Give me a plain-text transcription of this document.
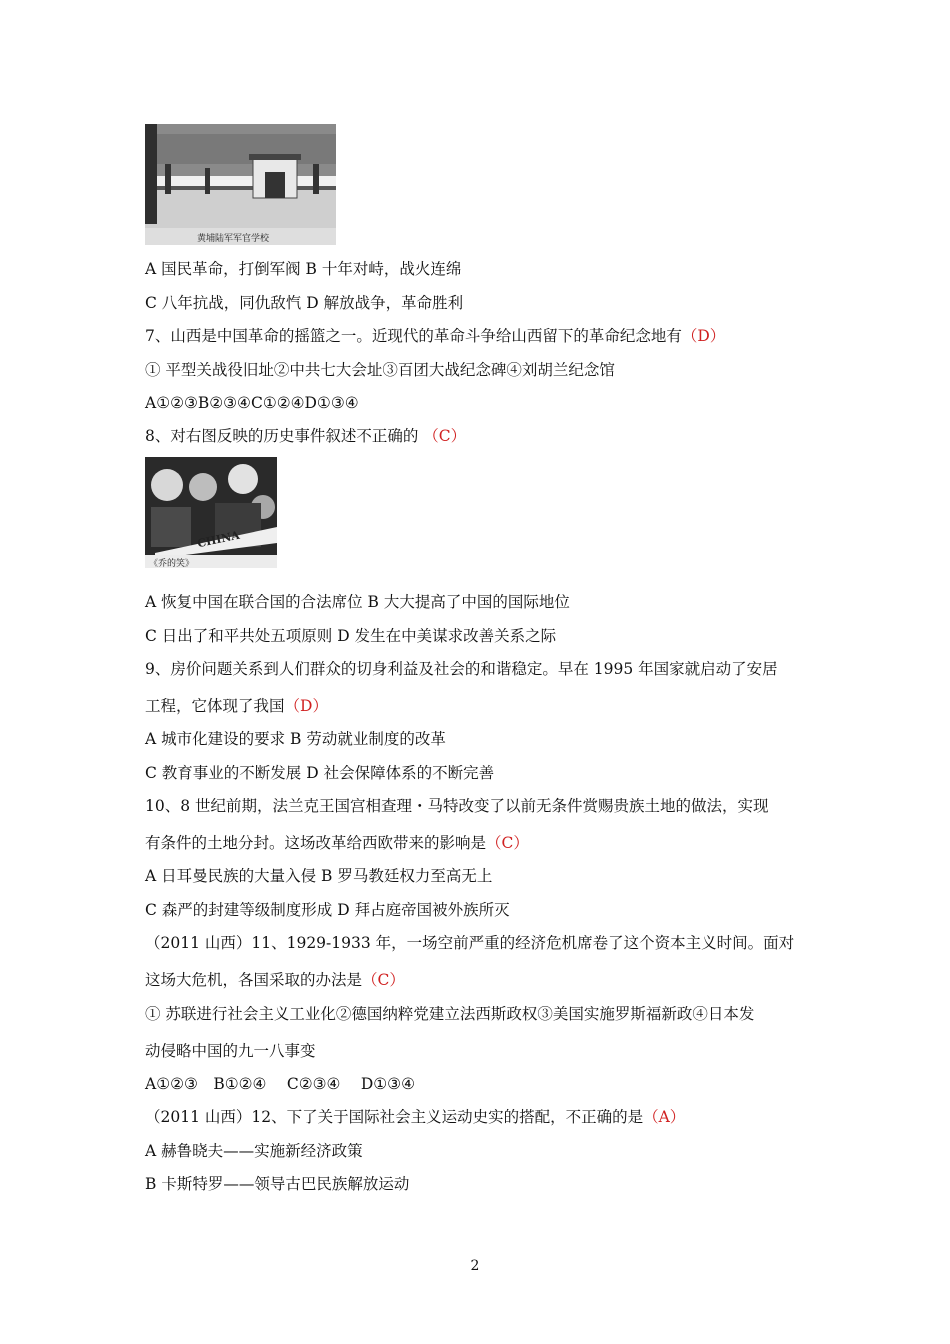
黄埔陆军军官学校
CHINA
《乔的笑》
A 国民革命，打倒军阀 B 十年对峙，战火连绵
C 八年抗战，同仇敌忾 D 解放战争，革命胜利
7、山西是中国革命的摇篮之一。近现代的革命斗争给山西留下的革命纪念地有（D）
① 平型关战役旧址②中共七大会址③百团大战纪念碑④刘胡兰纪念馆
A①②③B②③④C①②④D①③④
8、对右图反映的历史事件叙述不正确的 （C）
A 恢复中国在联合国的合法席位 B 大大提高了中国的国际地位
C 日出了和平共处五项原则 D 发生在中美谋求改善关系之际
9、房价问题关系到人们群众的切身利益及社会的和谐稳定。早在 1995 年国家就启动了安居
工程，它体现了我国（D）
A 城市化建设的要求 B 劳动就业制度的改革
C 教育事业的不断发展 D 社会保障体系的不断完善
10、8 世纪前期，法兰克王国宫相查理・马特改变了以前无条件赏赐贵族土地的做法，实现
有条件的土地分封。这场改革给西欧带来的影响是（C）
A 日耳曼民族的大量入侵 B 罗马教廷权力至高无上
C 森严的封建等级制度形成 D 拜占庭帝国被外族所灭
（2011 山西）11、1929-1933 年，一场空前严重的经济危机席卷了这个资本主义时间。面对
这场大危机，各国采取的办法是（C）
① 苏联进行社会主义工业化②德国纳粹党建立法西斯政权③美国实施罗斯福新政④日本发
动侵略中国的九一八事变
A①②③　B①②④　 C②③④　 D①③④
（2011 山西）12、下了关于国际社会主义运动史实的搭配，不正确的是（A）
A 赫鲁晓夫——实施新经济政策
B 卡斯特罗——领导古巴民族解放运动
2
